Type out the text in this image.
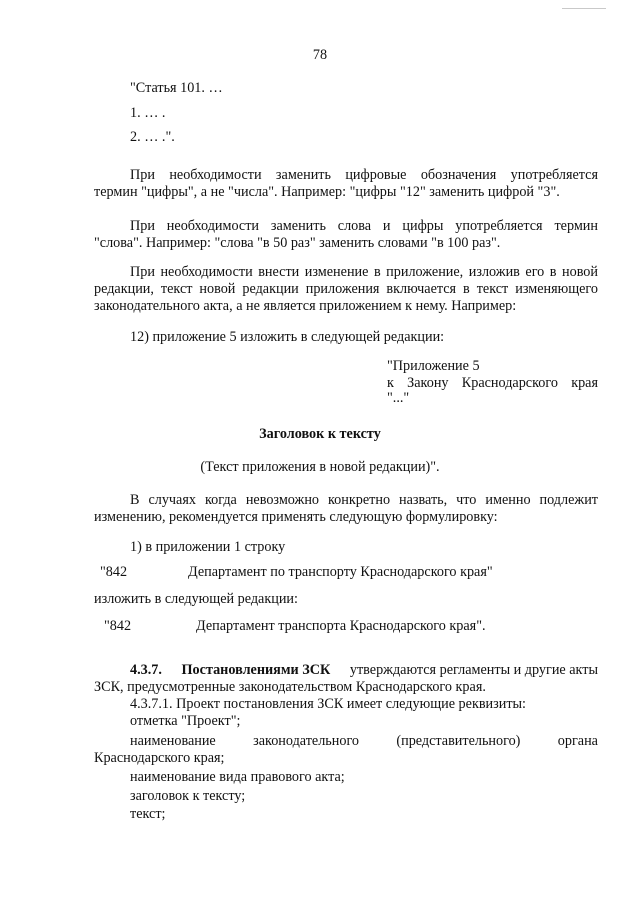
78
"Статья 101. …
1. … .
2. … .".
При необходимости заменить цифровые обозначения употребляется
термин "цифры", а не "числа". Например: "цифры "12" заменить цифрой "3".
При необходимости заменить слова и цифры употребляется термин
"слова". Например: "слова "в 50 раз" заменить словами "в 100 раз".
При необходимости внести изменение в приложение, изложив его в новой
редакции, текст новой редакции приложения включается в текст изменяющего
законодательного акта, а не является приложением к нему. Например:
12) приложение 5 изложить в следующей редакции:
"Приложение 5
к Закону Краснодарского края
"..."
Заголовок к тексту
(Текст приложения в новой редакции)".
В случаях когда невозможно конкретно назвать, что именно подлежит
изменению, рекомендуется применять следующую формулировку:
1) в приложении 1 строку
"842	Департамент по транспорту Краснодарского края"
изложить в следующей редакции:
"842	Департамент транспорта Краснодарского края".
4.3.7. Постановлениями ЗСК утверждаются регламенты и другие акты
ЗСК, предусмотренные законодательством Краснодарского края.
4.3.7.1. Проект постановления ЗСК имеет следующие реквизиты:
отметка "Проект";
наименование	законодательного	(представительного)	органа
Краснодарского края;
наименование вида правового акта;
заголовок к тексту;
текст;
